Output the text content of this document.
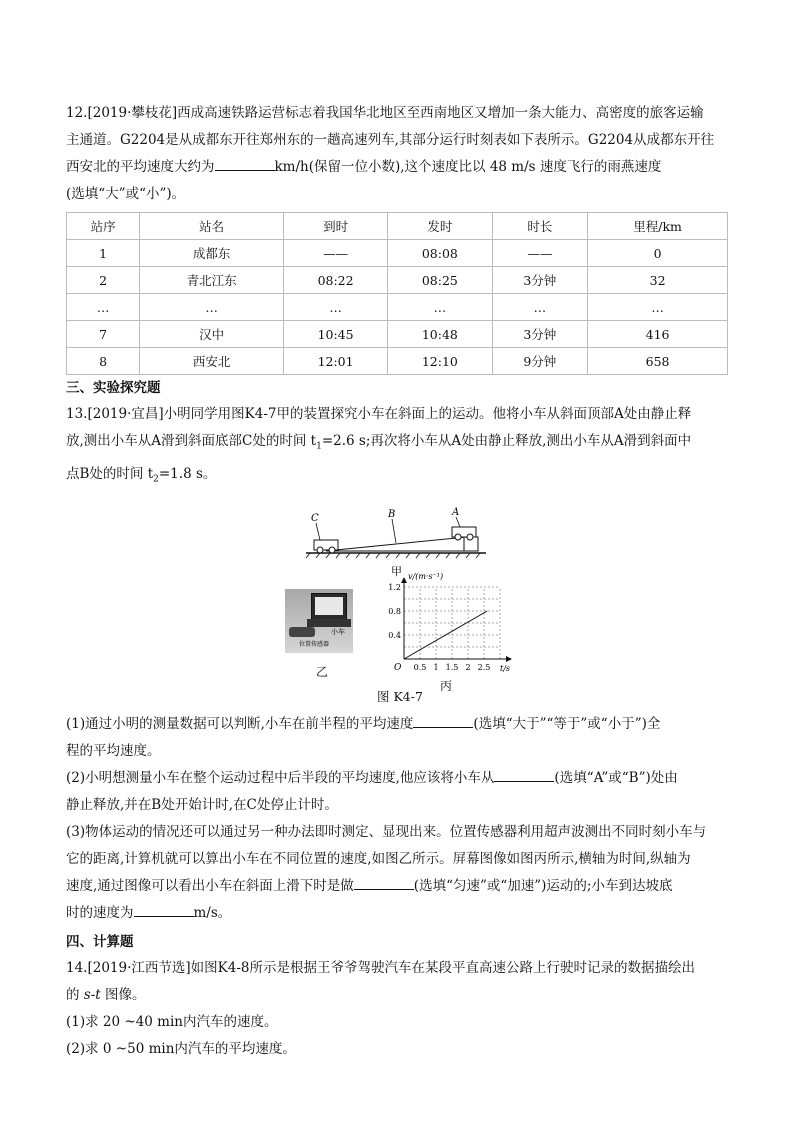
12.[2019·攀枝花]西成高速铁路运营标志着我国华北地区至西南地区又增加一条大能力、高密度的旅客运输

主通道。G2204是从成都东开往郑州东的一趟高速列车,其部分运行时刻表如下表所示。G2204从成都东开往

西安北的平均速度大约为	km/h(保留一位小数),这个速度比以 48 m/s 速度飞行的雨燕速度

(选填“大”或“小”)。

站序	站名	到时	发时	时长	里程/km
1	成都东	——	08:08	——	0
2	青北江东	08:22	08:25	3分钟	32
…	…	…	…	…	…
7	汉中	10:45	10:48	3分钟	416
8	西安北	12:01	12:10	9分钟	658

三、实验探究题

13.[2019·宜昌]小明同学用图K4-7甲的装置探究小车在斜面上的运动。他将小车从斜面顶部A处由静止释

放,测出小车从A滑到斜面底部C处的时间 $t_1=2.6$ s;再次将小车从A处由静止释放,测出小车从A滑到斜面中

点B处的时间 $t_2=1.8$ s。

C	B	A
甲
小车
位置传感器
乙	0.5 1 1.5 2 2.5
0.4
0.8
1.2
v/(m·s⁻¹)
t/s
O
丙
图 K4-7

(1)通过小明的测量数据可以判断,小车在前半程的平均速度	(选填“大于”“等于”或“小于”)全

程的平均速度。

(2)小明想测量小车在整个运动过程中后半段的平均速度,他应该将小车从	(选填“A”或“B”)处由

静止释放,并在B处开始计时,在C处停止计时。

(3)物体运动的情况还可以通过另一种办法即时测定、显现出来。位置传感器利用超声波测出不同时刻小车与

它的距离,计算机就可以算出小车在不同位置的速度,如图乙所示。屏幕图像如图丙所示,横轴为时间,纵轴为

速度,通过图像可以看出小车在斜面上滑下时是做	(选填“匀速”或“加速”)运动的;小车到达坡底

时的速度为	m/s。

四、计算题

14.[2019·江西节选]如图K4-8所示是根据王爷爷驾驶汽车在某段平直高速公路上行驶时记录的数据描绘出

的 s-t 图像。

(1)求 20 ~40 min内汽车的速度。

(2)求 0 ~50 min内汽车的平均速度。
